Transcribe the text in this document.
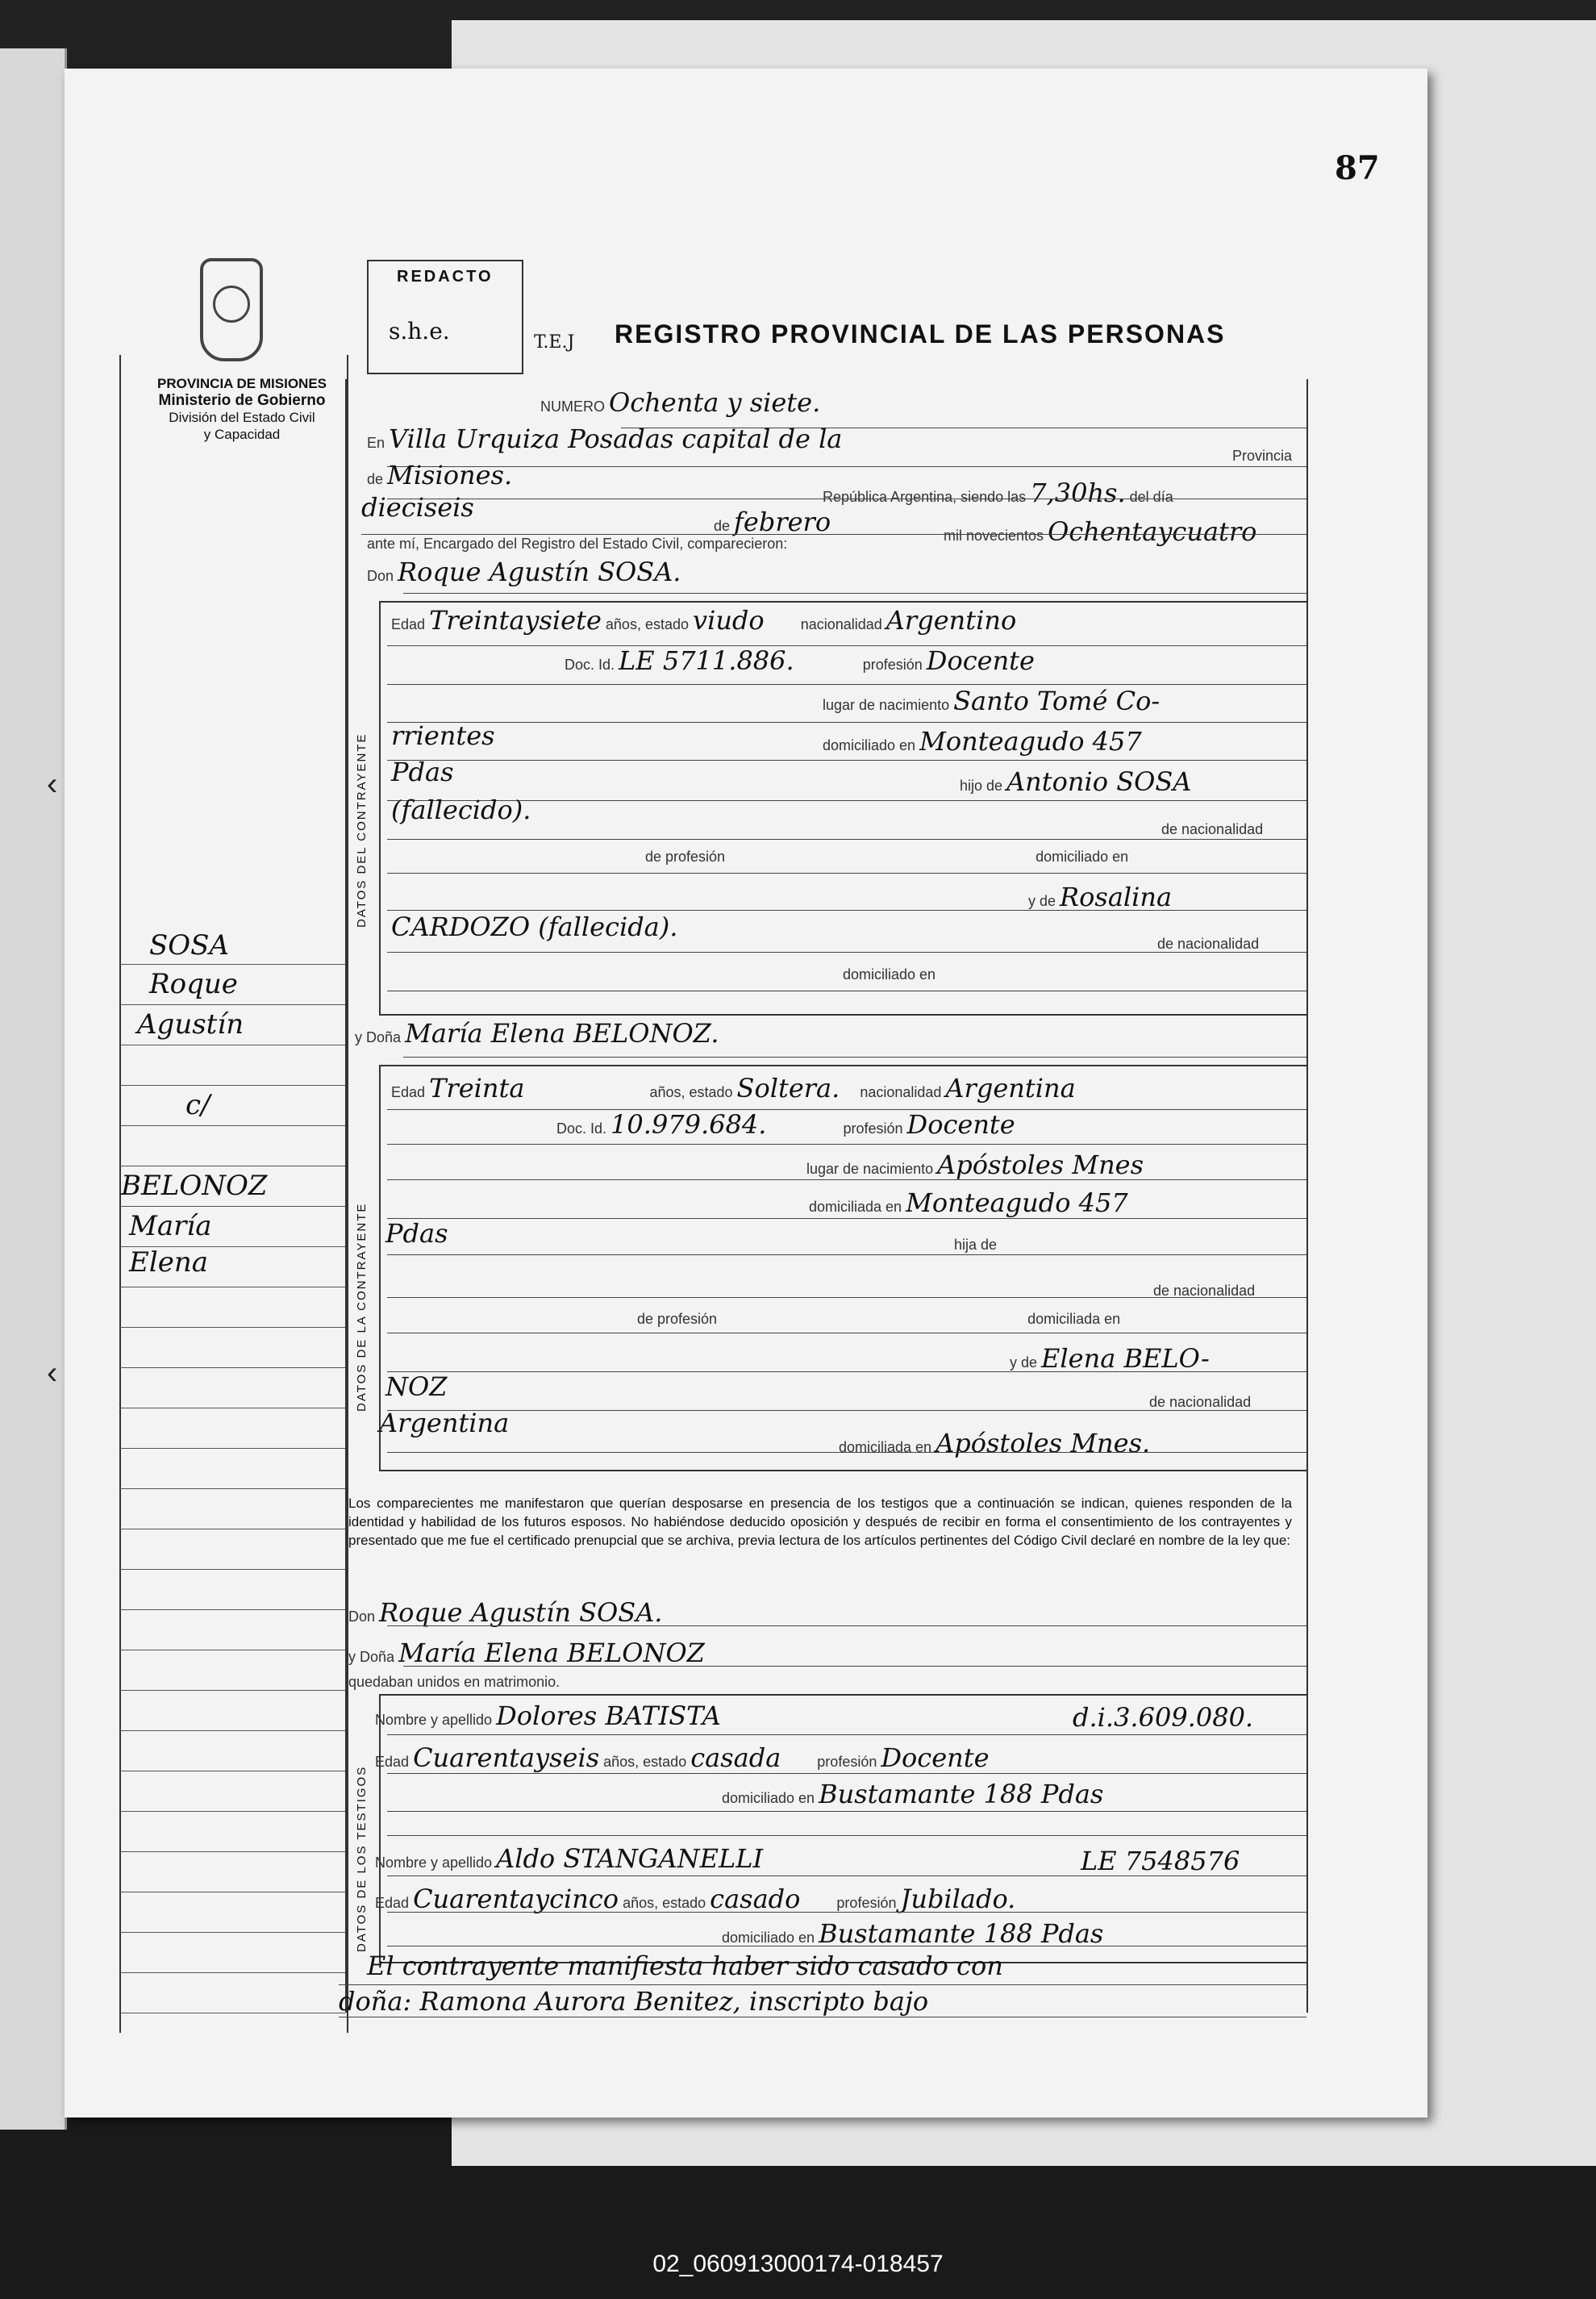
87
PROVINCIA DE MISIONES
Ministerio de Gobierno
División del Estado Civil
y Capacidad
REDACTO
s.h.e.	T.E.J REGISTRO PROVINCIAL DE LAS PERSONAS
SOSA
Roque
Agustín
c/
BELONOZ
María
Elena
‹
‹
NUMERO Ochenta y siete.
En Villa Urquiza Posadas capital de la
Provincia
de Misiones.
República Argentina, siendo las 7,30hs. del día
dieciseis
de febrero	mil novecientos Ochentaycuatro
ante mí, Encargado del Registro del Estado Civil, comparecieron:
Don Roque Agustín SOSA.
DATOS DEL CONTRAYENTE
Edad Treintaysiete años, estado viudo	nacionalidad Argentino
Doc. Id. LE 5711.886.	profesión Docente
lugar de nacimiento Santo Tomé Co-
rrientes	domiciliado en Monteagudo 457
Pdas	hijo de Antonio SOSA
(fallecido).
de nacionalidad
de profesión	domiciliado en
y de Rosalina
CARDOZO (fallecida).
de nacionalidad
domiciliado en
y Doña María Elena BELONOZ.
DATOS DE LA CONTRAYENTE
Edad Treinta	años, estado Soltera. nacionalidad Argentina
Doc. Id. 10.979.684.	profesión Docente
lugar de nacimiento Apóstoles Mnes
domiciliada en Monteagudo 457
Pdas	hija de
de nacionalidad
de profesión	domiciliada en
y de Elena BELO-
NOZ	de nacionalidad
Argentina
domiciliada en Apóstoles Mnes.
Los comparecientes me manifestaron que querían desposarse en presencia de los testigos que a continuación se indican, quienes responden de la identidad y habilidad de los futuros esposos. No habiéndose deducido oposición y después de recibir en forma el consentimiento de los contrayentes y presentado que me fue el certificado prenupcial que se archiva, previa lectura de los artículos pertinentes del Código Civil declaré en nombre de la ley que:
Don Roque Agustín SOSA.
y Doña María Elena BELONOZ
quedaban unidos en matrimonio.
DATOS DE LOS TESTIGOS
Nombre y apellido Dolores BATISTA	d.i.3.609.080.
Edad Cuarentayseis años, estado casada	profesión Docente
domiciliado en Bustamante 188 Pdas
Nombre y apellido Aldo STANGANELLI	LE 7548576
Edad Cuarentaycinco años, estado casado	profesión Jubilado.
domiciliado en Bustamante 188 Pdas
El contrayente manifiesta haber sido casado con
doña: Ramona Aurora Benitez, inscripto bajo
02_060913000174-018457
